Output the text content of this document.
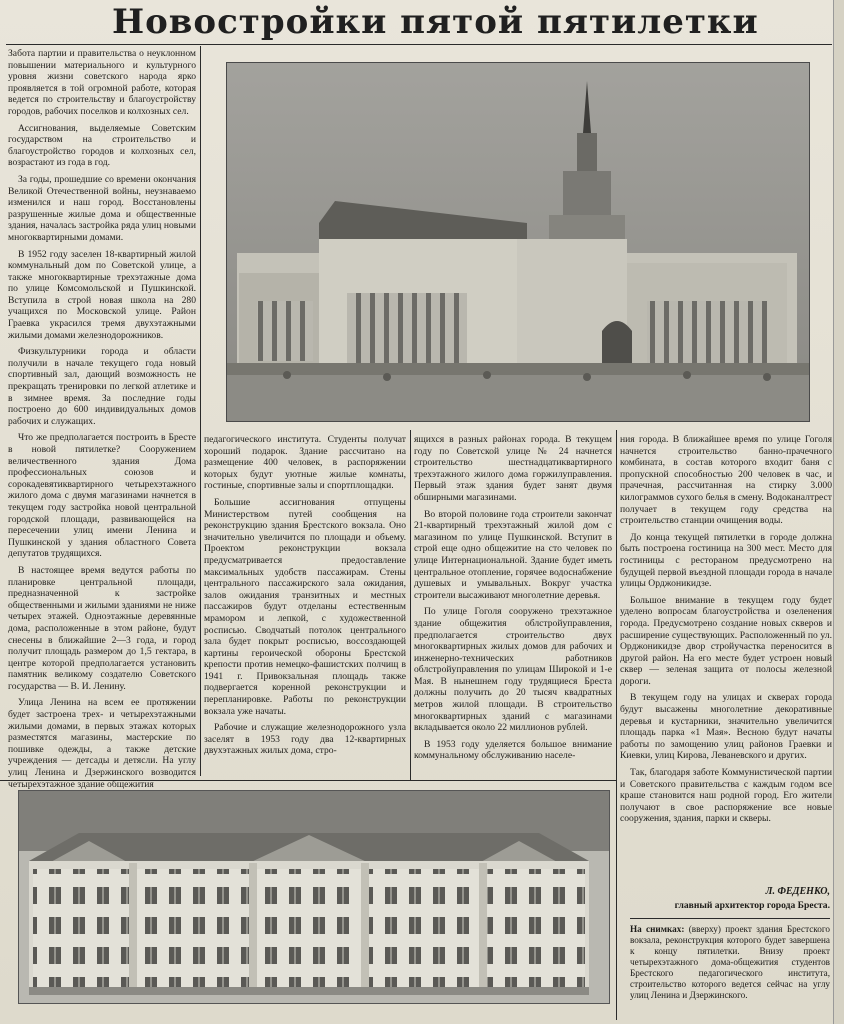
Новостройки пятой пятилетки

Забота партии и правительства о неуклонном повышении материального и культурного уровня жизни советского народа ярко проявляется в той огромной работе, которая ведется по строительству и благоустройству городов, рабочих поселков и колхозных сел.

Ассигнования, выделяемые Советским государством на строительство и благоустройство городов и колхозных сел, возрастают из года в год.

За годы, прошедшие со времени окончания Великой Отечественной войны, неузнаваемо изменился и наш город. Восстановлены разрушенные жилые дома и общественные здания, началась застройка ряда улиц новыми многоквартирными домами.

В 1952 году заселен 18-квартирный жилой коммунальный дом по Советской улице, а также многоквартирные трехэтажные дома по улице Комсомольской и Пушкинской. Вступила в строй новая школа на 280 учащихся по Московской улице. Район Граевка украсился тремя двухэтажными жилыми домами железнодорожников.

Физкультурники города и области получили в начале текущего года новый спортивный зал, дающий возможность не прекращать тренировки по легкой атлетике и в зимнее время. За последние годы построено до 600 индивидуальных домов рабочих и служащих.

Что же предполагается построить в Бресте в новой пятилетке? Сооружением величественного здания Дома профессиональных союзов и сорокадевятиквартирного четырехэтажного жилого дома с двумя магазинами начнется в текущем году застройка новой центральной городской площади, развивающейся на пересечении улиц имени Ленина и Пушкинской у здания областного Совета депутатов трудящихся.

В настоящее время ведутся работы по планировке центральной площади, предназначенной к застройке общественными и жилыми зданиями не ниже четырех этажей. Одноэтажные деревянные дома, расположенные в этом районе, будут снесены в ближайшие 2—3 года, и город получит площадь размером до 1,5 гектара, в центре которой предполагается установить памятник великому создателю Советского государства — В. И. Ленину.

Улица Ленина на всем ее протяжении будет застроена трех- и четырехэтажными жилыми домами, в первых этажах которых разместятся магазины, мастерские по пошивке одежды, а также детские учреждения — детсады и детясли. На углу улиц Ленина и Дзержинского возводится четырехэтажное здание общежития

педагогического института. Студенты получат хороший подарок. Здание рассчитано на размещение 400 человек, в распоряжении которых будут уютные жилые комнаты, гостиные, спортивные залы и спортплощадки.

Большие ассигнования отпущены Министерством путей сообщения на реконструкцию здания Брестского вокзала. Оно значительно увеличится по площади и объему. Проектом реконструкции вокзала предусматривается предоставление максимальных удобств пассажирам. Стены центрального пассажирского зала ожидания, залов ожидания транзитных и местных пассажиров будут отделаны естественным мрамором и лепкой, с художественной росписью. Сводчатый потолок центрального зала будет покрыт росписью, воссоздающей картины героической обороны Брестской крепости против немецко-фашистских полчищ в 1941 г. Привокзальная площадь также подвергается коренной реконструкции и перепланировке. Работы по реконструкции вокзала уже начаты.

Рабочие и служащие железнодорожного узла заселят в 1953 году два 12-квартирных двухэтажных жилых дома, стро-

ящихся в разных районах города. В текущем году по Советской улице № 24 начнется строительство шестнадцатиквартирного трехэтажного жилого дома горжилуправления. Первый этаж здания будет занят двумя обширными магазинами.

Во второй половине года строители закончат 21-квартирный трехэтажный жилой дом с магазином по улице Пушкинской. Вступит в строй еще одно общежитие на сто человек по улице Интернациональной. Здание будет иметь центральное отопление, горячее водоснабжение душевых и умывальных. Вокруг участка строители высаживают многолетние деревья.

По улице Гоголя сооружено трехэтажное здание общежития облстройуправления, предполагается строительство двух многоквартирных жилых домов для рабочих и инженерно-технических работников облстройуправления по улицам Широкой и 1-е Мая. В нынешнем году трудящиеся Бреста должны получить до 20 тысяч квадратных метров жилой площади. В строительство многоквартирных зданий с магазинами вкладывается около 22 миллионов рублей.

В 1953 году уделяется большое внимание коммунальному обслуживанию населе-

ния города. В ближайшее время по улице Гоголя начнется строительство банно-прачечного комбината, в состав которого входит баня с пропускной способностью 200 человек в час, и прачечная, рассчитанная на стирку 3.000 килограммов сухого белья в смену. Водоканалтрест получает в текущем году средства на строительство станции очищения воды.

До конца текущей пятилетки в городе должна быть построена гостиница на 300 мест. Место для гостиницы с рестораном предусмотрено на будущей первой въездной площади города в начале улицы Орджоникидзе.

Большое внимание в текущем году будет уделено вопросам благоустройства и озеленения города. Предусмотрено создание новых скверов и расширение существующих. Расположенный по ул. Орджоникидзе двор стройучастка переносится в другой район. На его месте будет устроен новый сквер — зеленая защита от полосы железной дороги.

В текущем году на улицах и скверах города будут высажены многолетние декоративные деревья и кустарники, значительно увеличится площадь парка «1 Мая». Весною будут начаты работы по замощению улиц районов Граевки и Киевки, улиц Кирова, Леваневского и других.

Так, благодаря заботе Коммунистической партии и Советского правительства с каждым годом все краше становится наш родной город. Его жители получают в свое распоряжение все новые сооружения, здания, парки и скверы.

Л. ФЕДЕНКО,
главный архитектор города Бреста.
На снимках: (вверху) проект здания Брестского вокзала, реконструкция которого будет завершена к концу пятилетки. Внизу проект четырехэтажного дома-общежития студентов Брестского педагогического института, строительство которого ведется сейчас на углу улиц Ленина и Дзержинского.
